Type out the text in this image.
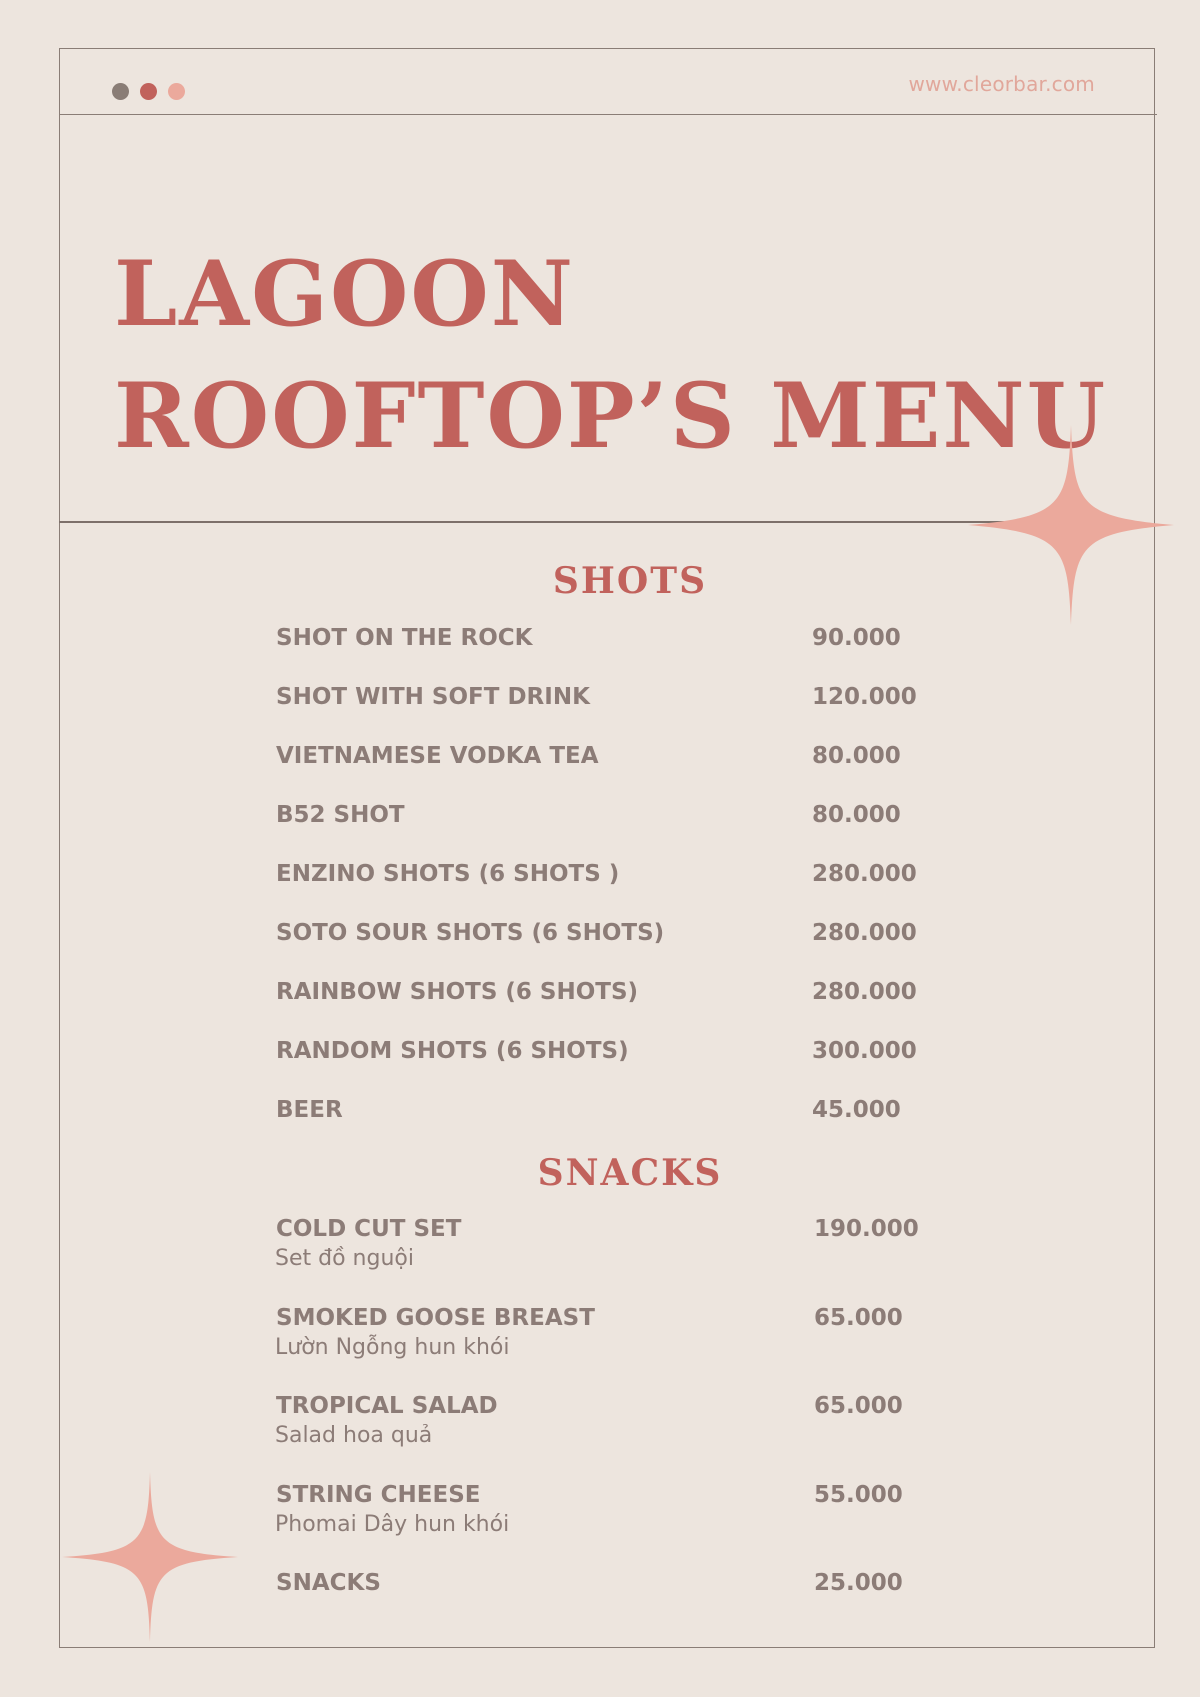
www.cleorbar.com
LAGOON
ROOFTOP’S MENU
SHOTS
SHOT ON THE ROCK	90.000
SHOT WITH SOFT DRINK	120.000
VIETNAMESE VODKA TEA	80.000
B52 SHOT	80.000
ENZINO SHOTS (6 SHOTS )	280.000
SOTO SOUR SHOTS (6 SHOTS)	280.000
RAINBOW SHOTS (6 SHOTS)	280.000
RANDOM SHOTS (6 SHOTS)	300.000
BEER	45.000
SNACKS
COLD CUT SET	190.000
Set đồ nguội
SMOKED GOOSE BREAST	65.000
Lườn Ngỗng hun khói
TROPICAL SALAD	65.000
Salad hoa quả
STRING CHEESE	55.000
Phomai Dây hun khói
SNACKS	25.000
